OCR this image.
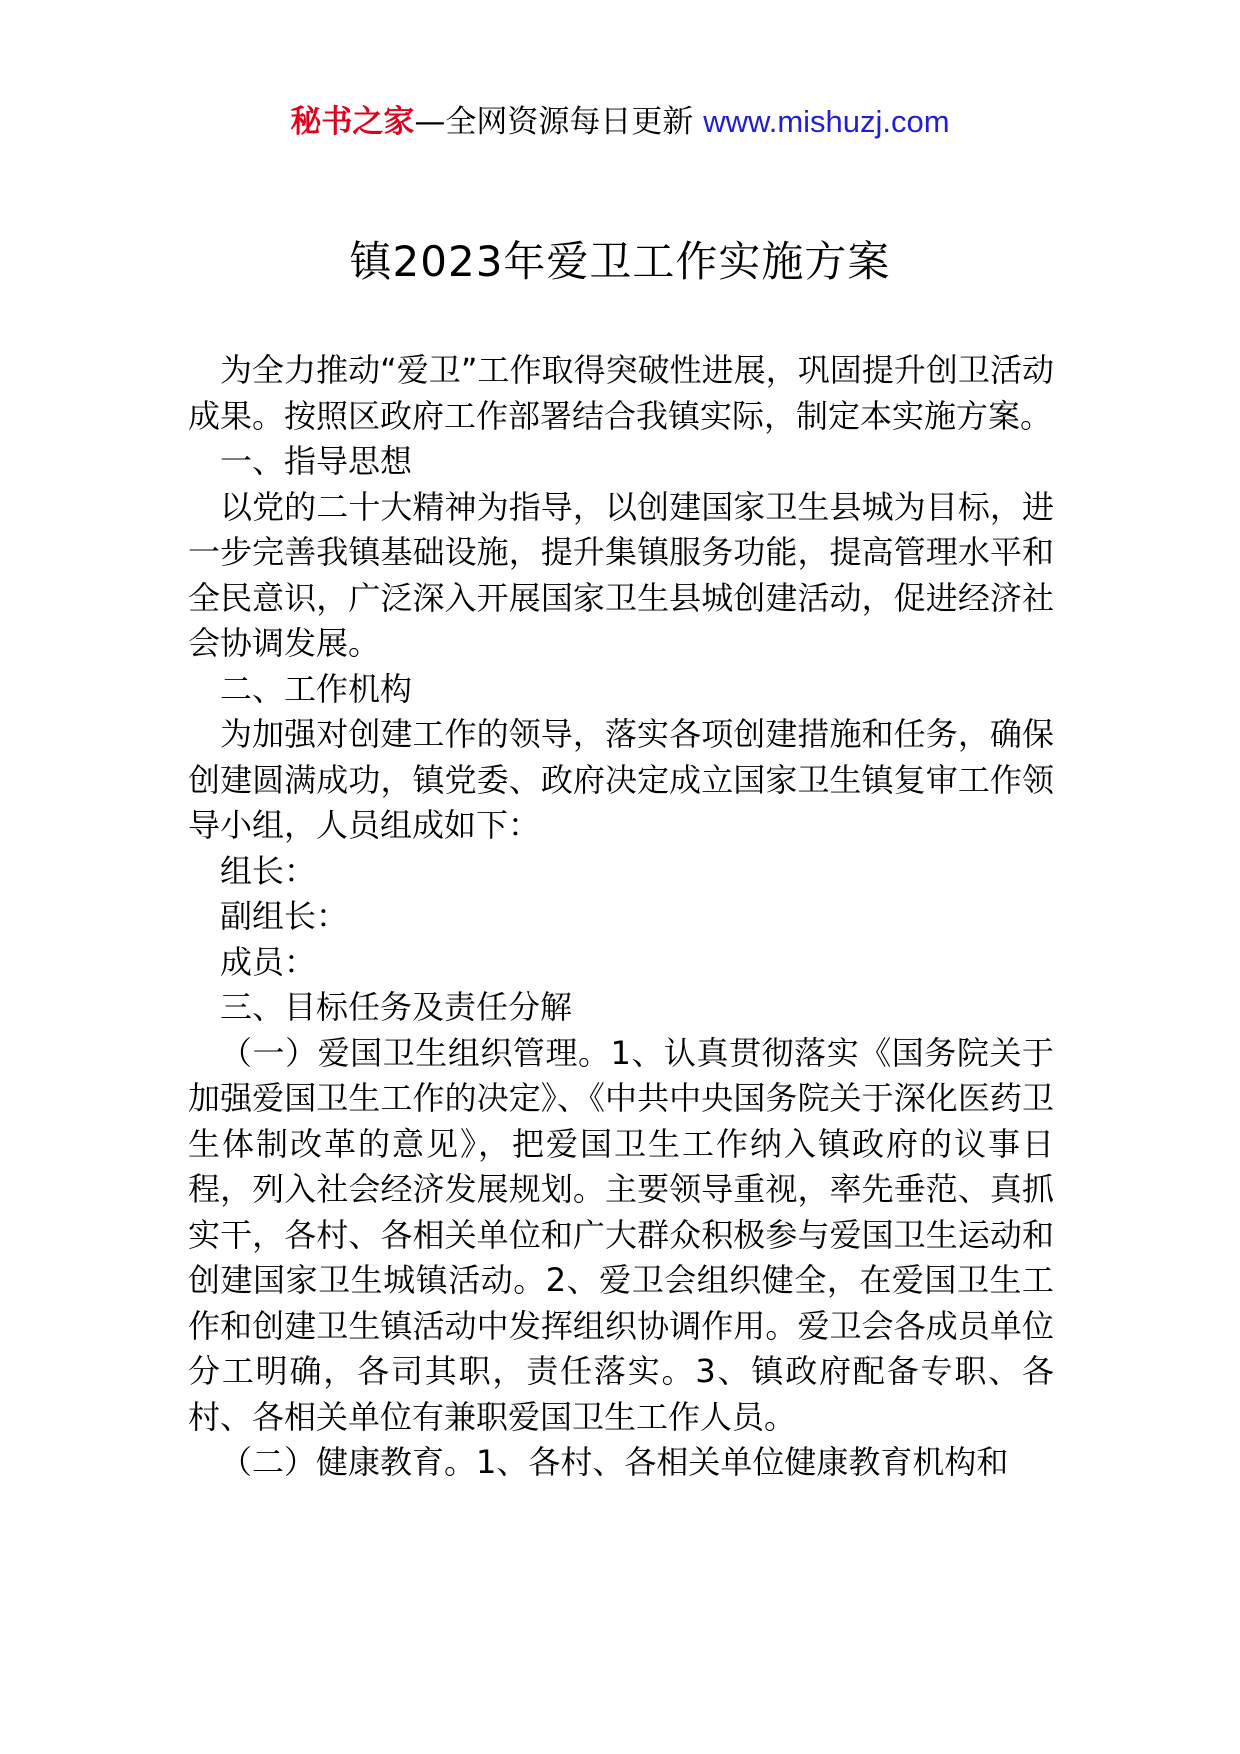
秘书之家—全网资源每日更新 www.mishuzj.com
镇2023年爱卫工作实施方案

为全力推动“爱卫”工作取得突破性进展，巩固提升创卫活动成果。按照区政府工作部署结合我镇实际，制定本实施方案。

一、指导思想

以党的二十大精神为指导，以创建国家卫生县城为目标，进一步完善我镇基础设施，提升集镇服务功能，提高管理水平和全民意识，广泛深入开展国家卫生县城创建活动，促进经济社会协调发展。

二、工作机构

为加强对创建工作的领导，落实各项创建措施和任务，确保创建圆满成功，镇党委、政府决定成立国家卫生镇复审工作领导小组，人员组成如下：

组长：

副组长：

成员：

三、目标任务及责任分解

（一）爱国卫生组织管理。1、认真贯彻落实《国务院关于加强爱国卫生工作的决定》、《中共中央国务院关于深化医药卫生体制改革的意见》，把爱国卫生工作纳入镇政府的议事日程，列入社会经济发展规划。主要领导重视，率先垂范、真抓实干，各村、各相关单位和广大群众积极参与爱国卫生运动和创建国家卫生城镇活动。2、爱卫会组织健全，在爱国卫生工作和创建卫生镇活动中发挥组织协调作用。爱卫会各成员单位分工明确，各司其职，责任落实。3、镇政府配备专职、各村、各相关单位有兼职爱国卫生工作人员。

（二）健康教育。1、各村、各相关单位健康教育机构和
